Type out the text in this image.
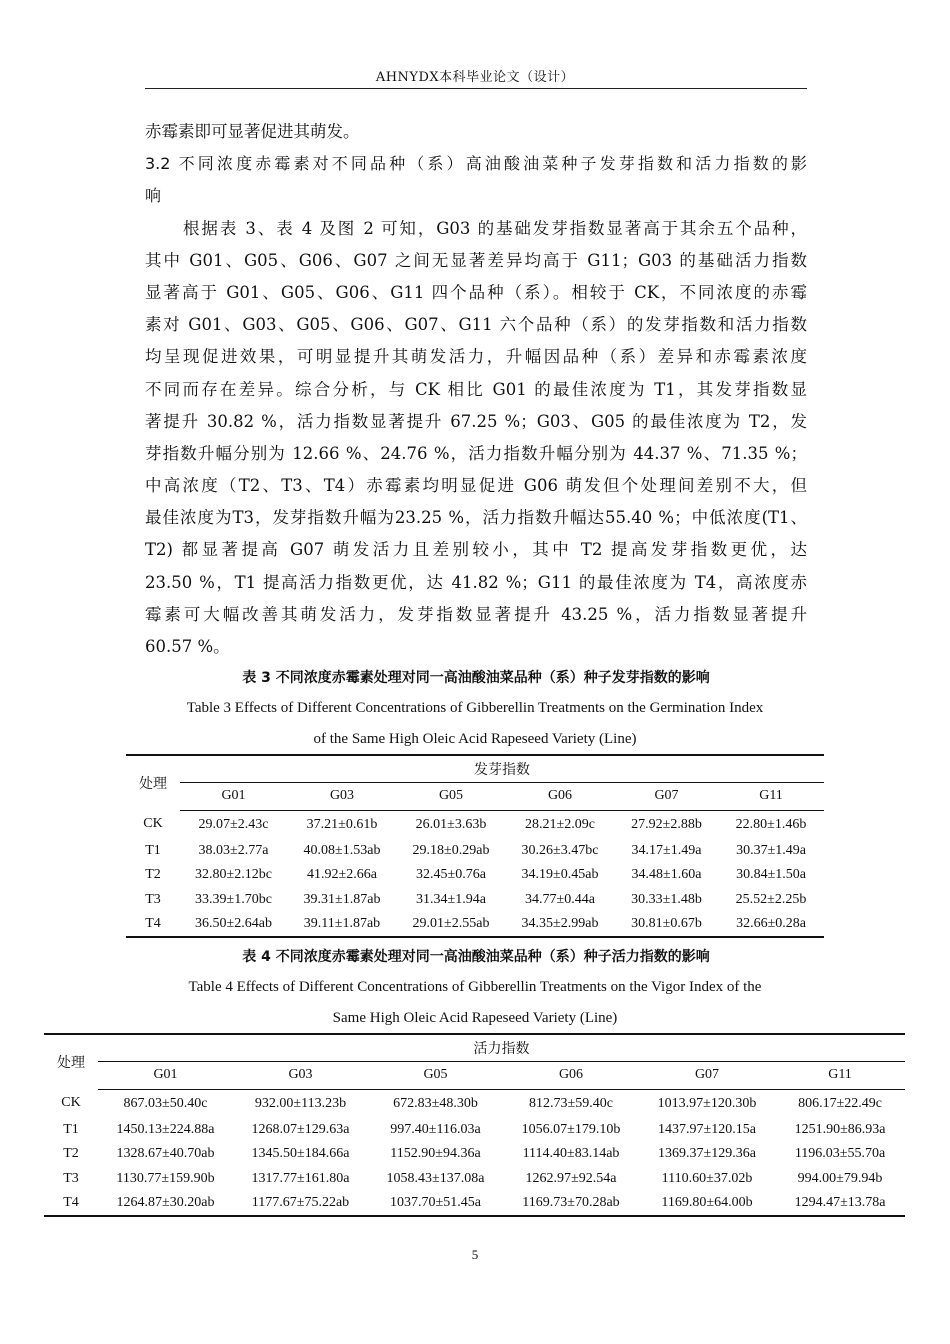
AHNYDX本科毕业论文（设计）
赤霉素即可显著促进其萌发。
3.2 不同浓度赤霉素对不同品种（系）高油酸油菜种子发芽指数和活力指数的影
响
根据表 3、表 4 及图 2 可知，G03 的基础发芽指数显著高于其余五个品种，
其中 G01、G05、G06、G07 之间无显著差异均高于 G11；G03 的基础活力指数
显著高于 G01、G05、G06、G11 四个品种（系）。相较于 CK，不同浓度的赤霉
素对 G01、G03、G05、G06、G07、G11 六个品种（系）的发芽指数和活力指数
均呈现促进效果，可明显提升其萌发活力，升幅因品种（系）差异和赤霉素浓度
不同而存在差异。综合分析，与 CK 相比 G01 的最佳浓度为 T1，其发芽指数显
著提升 30.82 %，活力指数显著提升 67.25 %；G03、G05 的最佳浓度为 T2，发
芽指数升幅分别为 12.66 %、24.76 %，活力指数升幅分别为 44.37 %、71.35 %；
中高浓度（T2、T3、T4）赤霉素均明显促进 G06 萌发但个处理间差别不大，但
最佳浓度为T3，发芽指数升幅为23.25 %，活力指数升幅达55.40 %；中低浓度(T1、
T2) 都显著提高 G07 萌发活力且差别较小，其中 T2 提高发芽指数更优，达
23.50 %，T1 提高活力指数更优，达 41.82 %；G11 的最佳浓度为 T4，高浓度赤
霉素可大幅改善其萌发活力，发芽指数显著提升 43.25 %，活力指数显著提升
60.57 %。
表 3 不同浓度赤霉素处理对同一高油酸油菜品种（系）种子发芽指数的影响
Table 3 Effects of Different Concentrations of Gibberellin Treatments on the Germination Index
of the Same High Oleic Acid Rapeseed Variety (Line)
处理	发芽指数					
	G01	G03	G05	G06	G07	G11
CK	29.07±2.43c	37.21±0.61b	26.01±3.63b	28.21±2.09c	27.92±2.88b	22.80±1.46b
T1	38.03±2.77a	40.08±1.53ab	29.18±0.29ab	30.26±3.47bc	34.17±1.49a	30.37±1.49a
T2	32.80±2.12bc	41.92±2.66a	32.45±0.76a	34.19±0.45ab	34.48±1.60a	30.84±1.50a
T3	33.39±1.70bc	39.31±1.87ab	31.34±1.94a	34.77±0.44a	30.33±1.48b	25.52±2.25b
T4	36.50±2.64ab	39.11±1.87ab	29.01±2.55ab	34.35±2.99ab	30.81±0.67b	32.66±0.28a
表 4 不同浓度赤霉素处理对同一高油酸油菜品种（系）种子活力指数的影响
Table 4 Effects of Different Concentrations of Gibberellin Treatments on the Vigor Index of the
Same High Oleic Acid Rapeseed Variety (Line)
处理	活力指数					
	G01	G03	G05	G06	G07	G11
CK	867.03±50.40c	932.00±113.23b	672.83±48.30b	812.73±59.40c	1013.97±120.30b	806.17±22.49c
T1	1450.13±224.88a	1268.07±129.63a	997.40±116.03a	1056.07±179.10b	1437.97±120.15a	1251.90±86.93a
T2	1328.67±40.70ab	1345.50±184.66a	1152.90±94.36a	1114.40±83.14ab	1369.37±129.36a	1196.03±55.70a
T3	1130.77±159.90b	1317.77±161.80a	1058.43±137.08a	1262.97±92.54a	1110.60±37.02b	994.00±79.94b
T4	1264.87±30.20ab	1177.67±75.22ab	1037.70±51.45a	1169.73±70.28ab	1169.80±64.00b	1294.47±13.78a
5
